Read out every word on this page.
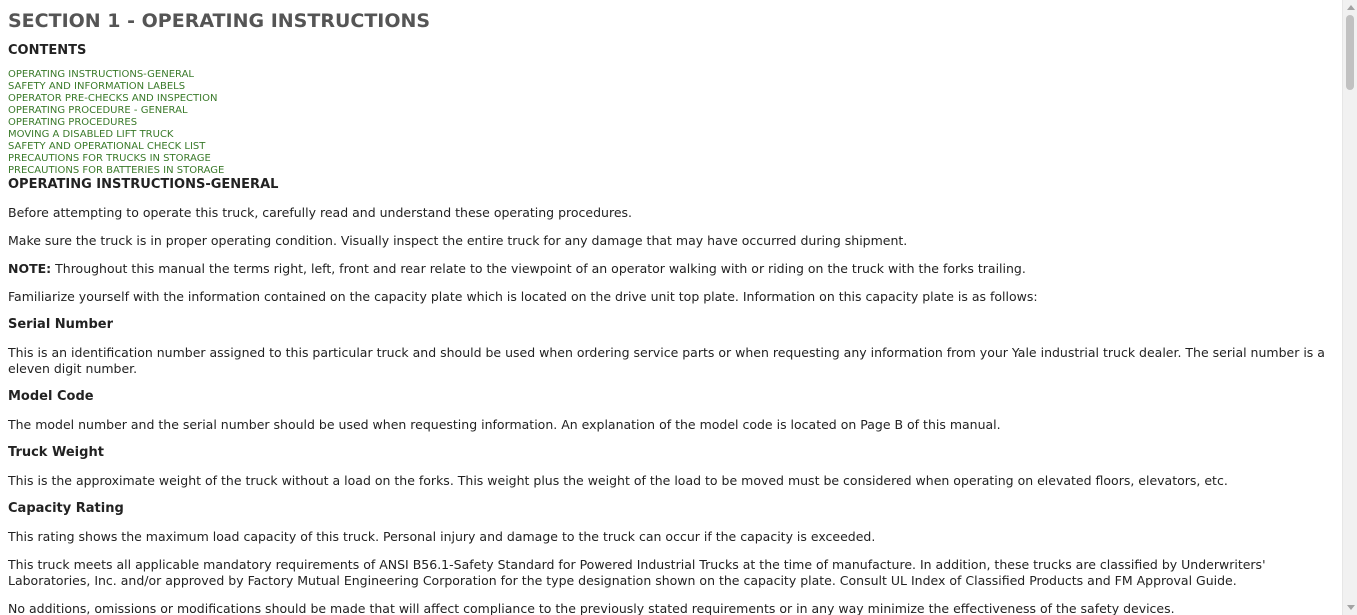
SECTION 1 - OPERATING INSTRUCTIONS
CONTENTS
OPERATING INSTRUCTIONS-GENERAL
SAFETY AND INFORMATION LABELS
OPERATOR PRE-CHECKS AND INSPECTION
OPERATING PROCEDURE - GENERAL
OPERATING PROCEDURES
MOVING A DISABLED LIFT TRUCK
SAFETY AND OPERATIONAL CHECK LIST
PRECAUTIONS FOR TRUCKS IN STORAGE
PRECAUTIONS FOR BATTERIES IN STORAGE
OPERATING INSTRUCTIONS-GENERAL

Before attempting to operate this truck, carefully read and understand these operating procedures.

Make sure the truck is in proper operating condition. Visually inspect the entire truck for any damage that may have occurred during shipment.

NOTE: Throughout this manual the terms right, left, front and rear relate to the viewpoint of an operator walking with or riding on the truck with the forks trailing.

Familiarize yourself with the information contained on the capacity plate which is located on the drive unit top plate. Information on this capacity plate is as follows:

Serial Number

This is an identification number assigned to this particular truck and should be used when ordering service parts or when requesting any information from your Yale industrial truck dealer. The serial number is a eleven digit number.

Model Code

The model number and the serial number should be used when requesting information. An explanation of the model code is located on Page B of this manual.

Truck Weight

This is the approximate weight of the truck without a load on the forks. This weight plus the weight of the load to be moved must be considered when operating on elevated floors, elevators, etc.

Capacity Rating

This rating shows the maximum load capacity of this truck. Personal injury and damage to the truck can occur if the capacity is exceeded.

This truck meets all applicable mandatory requirements of ANSI B56.1-Safety Standard for Powered Industrial Trucks at the time of manufacture. In addition, these trucks are classified by Underwriters' Laboratories, Inc. and/or approved by Factory Mutual Engineering Corporation for the type designation shown on the capacity plate. Consult UL Index of Classified Products and FM Approval Guide.

No additions, omissions or modifications should be made that will affect compliance to the previously stated requirements or in any way minimize the effectiveness of the safety devices.
